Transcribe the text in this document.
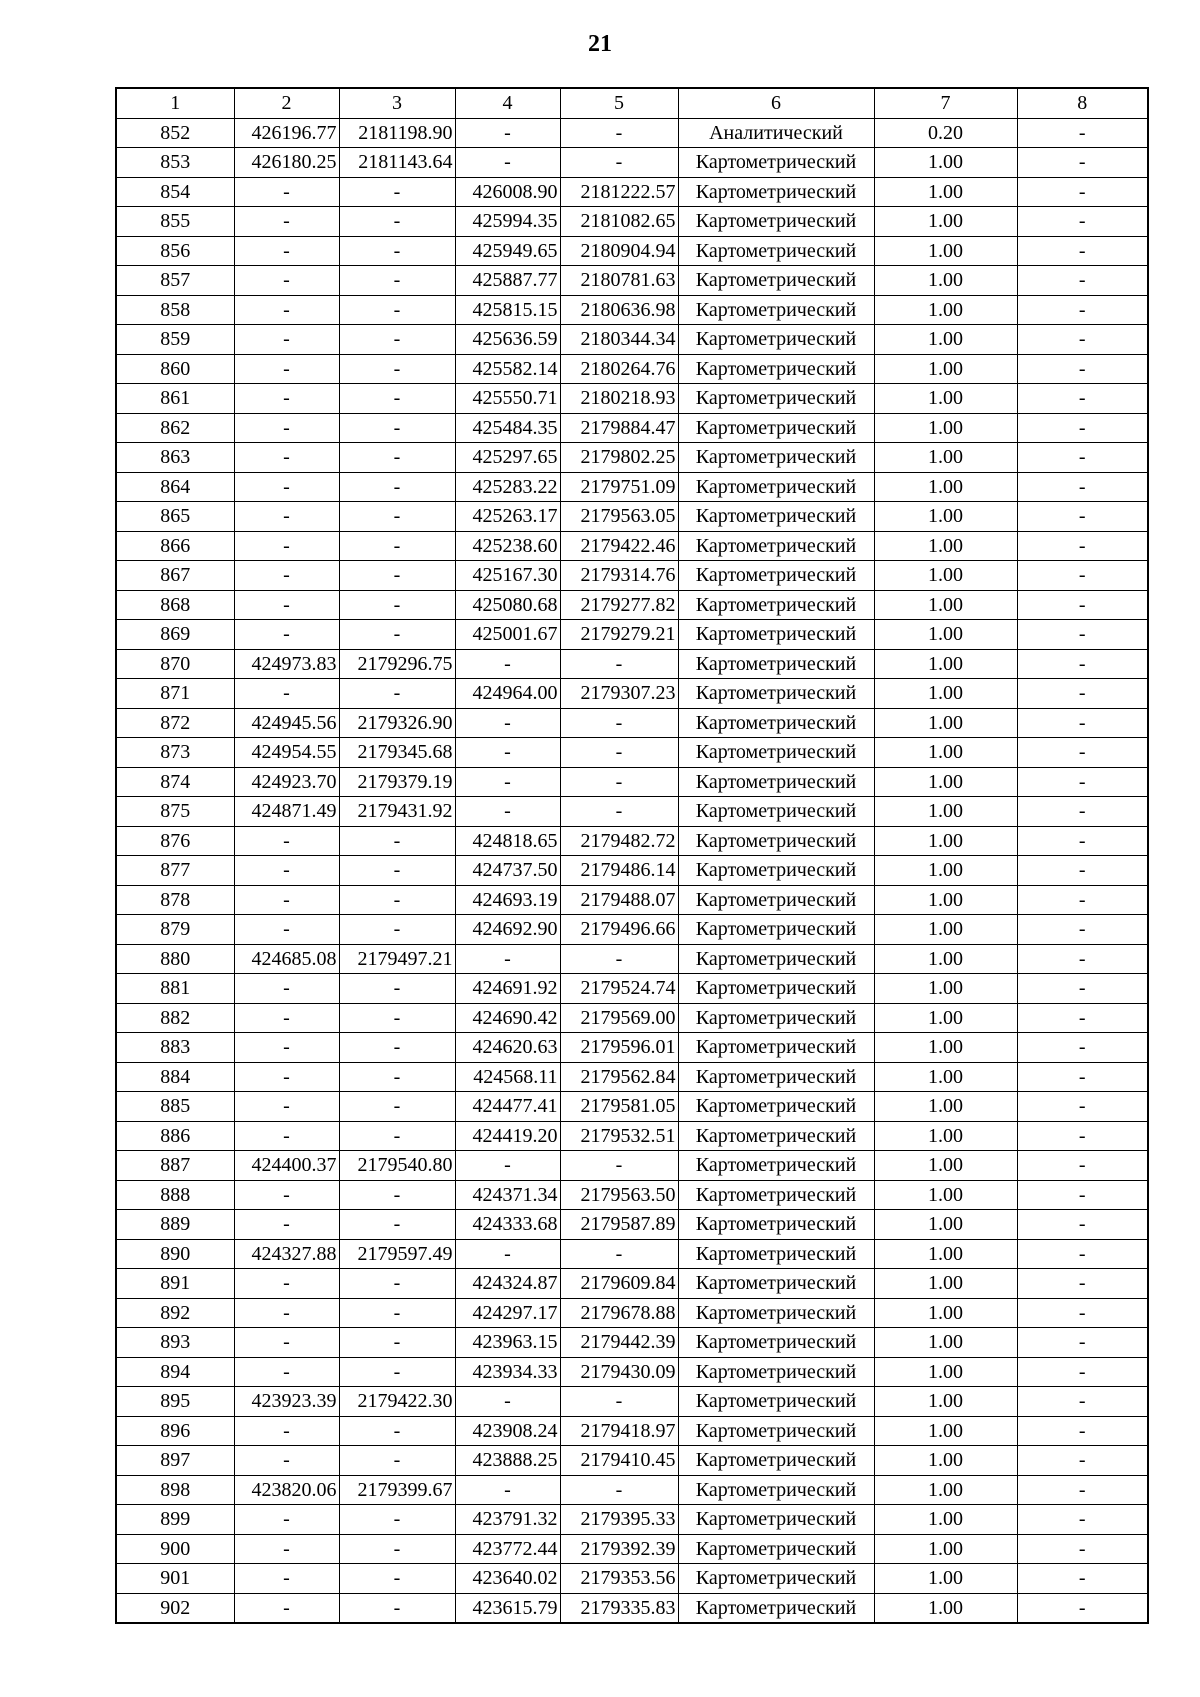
21
1	2	3	4	5	6	7	8
852	426196.77	2181198.90	-	-	Аналитический	0.20	-
853	426180.25	2181143.64	-	-	Картометрический	1.00	-
854	-	-	426008.90	2181222.57	Картометрический	1.00	-
855	-	-	425994.35	2181082.65	Картометрический	1.00	-
856	-	-	425949.65	2180904.94	Картометрический	1.00	-
857	-	-	425887.77	2180781.63	Картометрический	1.00	-
858	-	-	425815.15	2180636.98	Картометрический	1.00	-
859	-	-	425636.59	2180344.34	Картометрический	1.00	-
860	-	-	425582.14	2180264.76	Картометрический	1.00	-
861	-	-	425550.71	2180218.93	Картометрический	1.00	-
862	-	-	425484.35	2179884.47	Картометрический	1.00	-
863	-	-	425297.65	2179802.25	Картометрический	1.00	-
864	-	-	425283.22	2179751.09	Картометрический	1.00	-
865	-	-	425263.17	2179563.05	Картометрический	1.00	-
866	-	-	425238.60	2179422.46	Картометрический	1.00	-
867	-	-	425167.30	2179314.76	Картометрический	1.00	-
868	-	-	425080.68	2179277.82	Картометрический	1.00	-
869	-	-	425001.67	2179279.21	Картометрический	1.00	-
870	424973.83	2179296.75	-	-	Картометрический	1.00	-
871	-	-	424964.00	2179307.23	Картометрический	1.00	-
872	424945.56	2179326.90	-	-	Картометрический	1.00	-
873	424954.55	2179345.68	-	-	Картометрический	1.00	-
874	424923.70	2179379.19	-	-	Картометрический	1.00	-
875	424871.49	2179431.92	-	-	Картометрический	1.00	-
876	-	-	424818.65	2179482.72	Картометрический	1.00	-
877	-	-	424737.50	2179486.14	Картометрический	1.00	-
878	-	-	424693.19	2179488.07	Картометрический	1.00	-
879	-	-	424692.90	2179496.66	Картометрический	1.00	-
880	424685.08	2179497.21	-	-	Картометрический	1.00	-
881	-	-	424691.92	2179524.74	Картометрический	1.00	-
882	-	-	424690.42	2179569.00	Картометрический	1.00	-
883	-	-	424620.63	2179596.01	Картометрический	1.00	-
884	-	-	424568.11	2179562.84	Картометрический	1.00	-
885	-	-	424477.41	2179581.05	Картометрический	1.00	-
886	-	-	424419.20	2179532.51	Картометрический	1.00	-
887	424400.37	2179540.80	-	-	Картометрический	1.00	-
888	-	-	424371.34	2179563.50	Картометрический	1.00	-
889	-	-	424333.68	2179587.89	Картометрический	1.00	-
890	424327.88	2179597.49	-	-	Картометрический	1.00	-
891	-	-	424324.87	2179609.84	Картометрический	1.00	-
892	-	-	424297.17	2179678.88	Картометрический	1.00	-
893	-	-	423963.15	2179442.39	Картометрический	1.00	-
894	-	-	423934.33	2179430.09	Картометрический	1.00	-
895	423923.39	2179422.30	-	-	Картометрический	1.00	-
896	-	-	423908.24	2179418.97	Картометрический	1.00	-
897	-	-	423888.25	2179410.45	Картометрический	1.00	-
898	423820.06	2179399.67	-	-	Картометрический	1.00	-
899	-	-	423791.32	2179395.33	Картометрический	1.00	-
900	-	-	423772.44	2179392.39	Картометрический	1.00	-
901	-	-	423640.02	2179353.56	Картометрический	1.00	-
902	-	-	423615.79	2179335.83	Картометрический	1.00	-
